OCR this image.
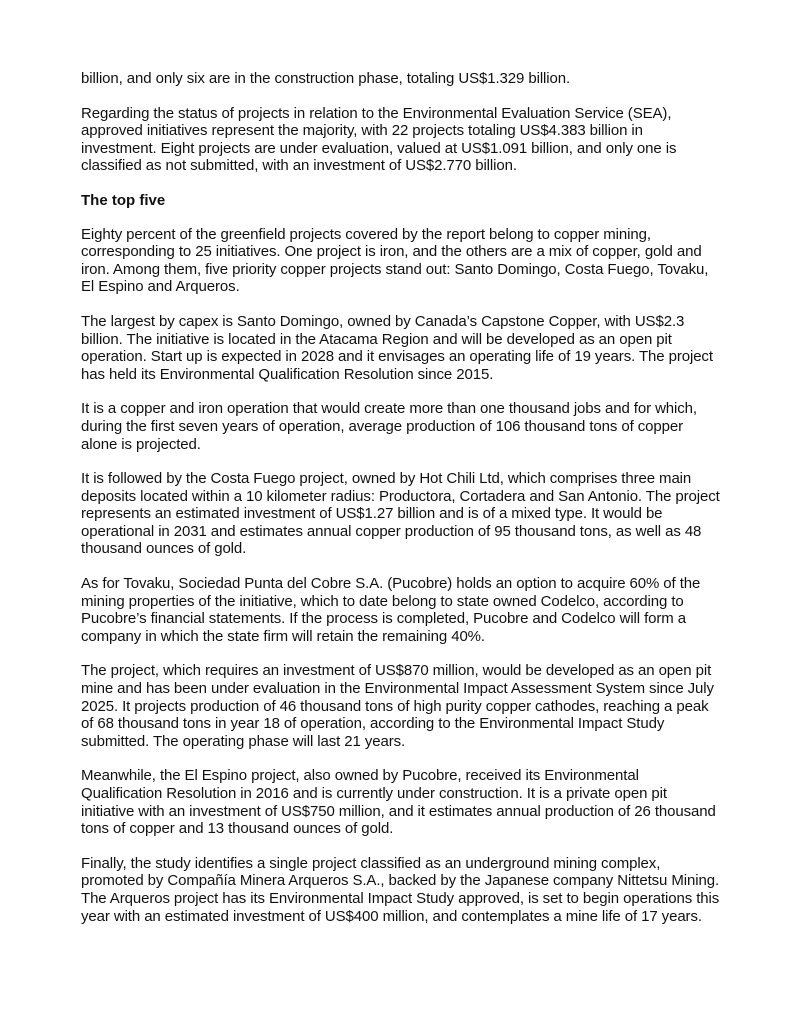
billion, and only six are in the construction phase, totaling US$1.329 billion.

Regarding the status of projects in relation to the Environmental Evaluation Service (SEA), approved initiatives represent the majority, with 22 projects totaling US$4.383 billion in investment. Eight projects are under evaluation, valued at US$1.091 billion, and only one is classified as not submitted, with an investment of US$2.770 billion.

The top five

Eighty percent of the greenfield projects covered by the report belong to copper mining, corresponding to 25 initiatives. One project is iron, and the others are a mix of copper, gold and iron. Among them, five priority copper projects stand out: Santo Domingo, Costa Fuego, Tovaku, El Espino and Arqueros.

The largest by capex is Santo Domingo, owned by Canada’s Capstone Copper, with US$2.3 billion. The initiative is located in the Atacama Region and will be developed as an open pit operation. Start up is expected in 2028 and it envisages an operating life of 19 years. The project has held its Environmental Qualification Resolution since 2015.

It is a copper and iron operation that would create more than one thousand jobs and for which, during the first seven years of operation, average production of 106 thousand tons of copper alone is projected.

It is followed by the Costa Fuego project, owned by Hot Chili Ltd, which comprises three main deposits located within a 10 kilometer radius: Productora, Cortadera and San Antonio. The project represents an estimated investment of US$1.27 billion and is of a mixed type. It would be operational in 2031 and estimates annual copper production of 95 thousand tons, as well as 48 thousand ounces of gold.

As for Tovaku, Sociedad Punta del Cobre S.A. (Pucobre) holds an option to acquire 60% of the mining properties of the initiative, which to date belong to state owned Codelco, according to Pucobre’s financial statements. If the process is completed, Pucobre and Codelco will form a company in which the state firm will retain the remaining 40%.

The project, which requires an investment of US$870 million, would be developed as an open pit mine and has been under evaluation in the Environmental Impact Assessment System since July 2025. It projects production of 46 thousand tons of high purity copper cathodes, reaching a peak of 68 thousand tons in year 18 of operation, according to the Environmental Impact Study submitted. The operating phase will last 21 years.

Meanwhile, the El Espino project, also owned by Pucobre, received its Environmental Qualification Resolution in 2016 and is currently under construction. It is a private open pit initiative with an investment of US$750 million, and it estimates annual production of 26 thousand tons of copper and 13 thousand ounces of gold.

Finally, the study identifies a single project classified as an underground mining complex, promoted by Compañía Minera Arqueros S.A., backed by the Japanese company Nittetsu Mining. The Arqueros project has its Environmental Impact Study approved, is set to begin operations this year with an estimated investment of US$400 million, and contemplates a mine life of 17 years.
